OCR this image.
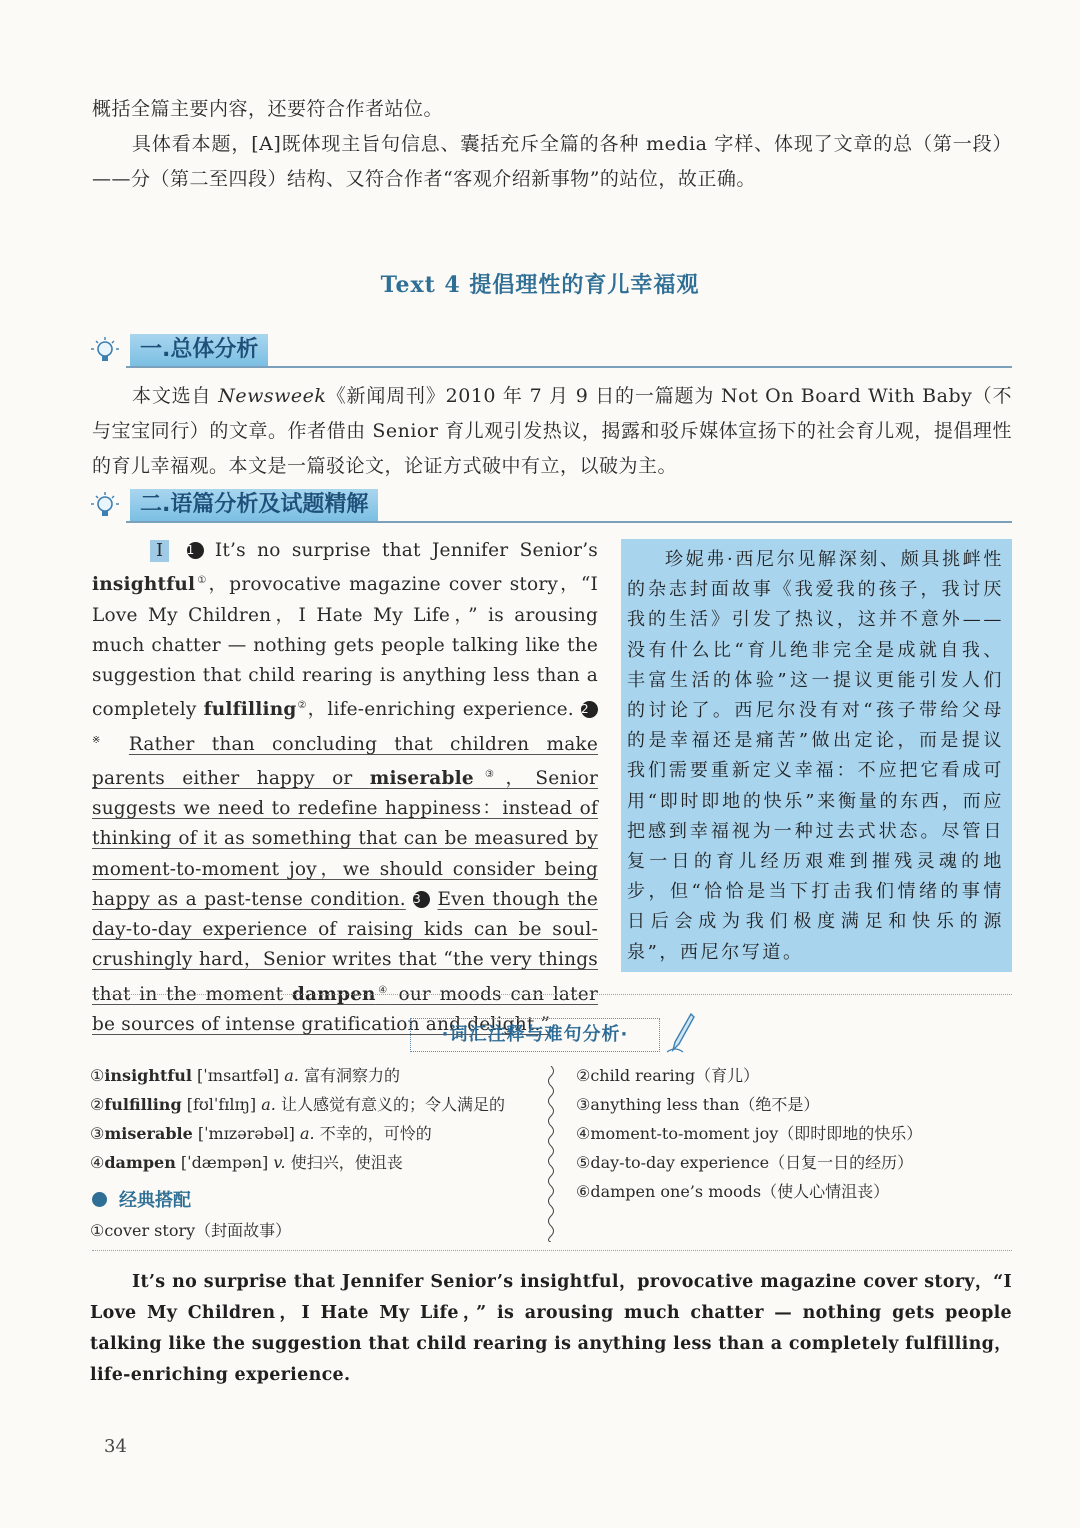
概括全篇主要内容，还要符合作者站位。
具体看本题，[A]既体现主旨句信息、囊括充斥全篇的各种 media 字样、体现了文章的总（第一段）——分（第二至四段）结构、又符合作者“客观介绍新事物”的站位，故正确。
Text 4 提倡理性的育儿幸福观
一.总体分析
本文选自 Newsweek《新闻周刊》2010 年 7 月 9 日的一篇题为 Not On Board With Baby（不与宝宝同行）的文章。作者借由 Senior 育儿观引发热议，揭露和驳斥媒体宣扬下的社会育儿观，提倡理性的育儿幸福观。本文是一篇驳论文，论证方式破中有立，以破为主。
二.语篇分析及试题精解
I 1 It’s no surprise that Jennifer Senior’s insightful①，provocative magazine cover story，“I Love My Children，I Hate My Life，” is arousing much chatter — nothing gets people talking like the suggestion that child rearing is anything less than a completely fulfilling②，life-enriching experience. 2※ Rather than concluding that children make parents either happy or miserable③，Senior suggests we need to redefine happiness：instead of thinking of it as something that can be measured by moment-to-moment joy，we should consider being happy as a past-tense condition. 3 Even though the day-to-day experience of raising kids can be soul-crushingly hard，Senior writes that “the very things that in the moment dampen④ our moods can later be sources of intense gratification and delight.”
珍妮弗·西尼尔见解深刻、颇具挑衅性的杂志封面故事《我爱我的孩子，我讨厌我的生活》引发了热议，这并不意外——没有什么比“育儿绝非完全是成就自我、丰富生活的体验”这一提议更能引发人们的讨论了。西尼尔没有对“孩子带给父母的是幸福还是痛苦”做出定论，而是提议我们需要重新定义幸福：不应把它看成可用“即时即地的快乐”来衡量的东西，而应把感到幸福视为一种过去式状态。尽管日复一日的育儿经历艰难到摧残灵魂的地步，但“恰恰是当下打击我们情绪的事情日后会成为我们极度满足和快乐的源泉”，西尼尔写道。
·词汇注释与难句分析·
①insightful [ˈɪnsaɪtfəl] a. 富有洞察力的
②fulfilling [fʊlˈfɪlɪŋ] a. 让人感觉有意义的；令人满足的
③miserable [ˈmɪzərəbəl] a. 不幸的，可怜的
④dampen [ˈdæmpən] v. 使扫兴，使沮丧
②child rearing（育儿）
③anything less than（绝不是）
④moment-to-moment joy（即时即地的快乐）
⑤day-to-day experience（日复一日的经历）
⑥dampen one’s moods（使人心情沮丧）
经典搭配
①cover story（封面故事）
It’s no surprise that Jennifer Senior’s insightful，provocative magazine cover story，“I Love My Children，I Hate My Life，” is arousing much chatter — nothing gets people talking like the suggestion that child rearing is anything less than a completely fulfilling，life-enriching experience.
34
